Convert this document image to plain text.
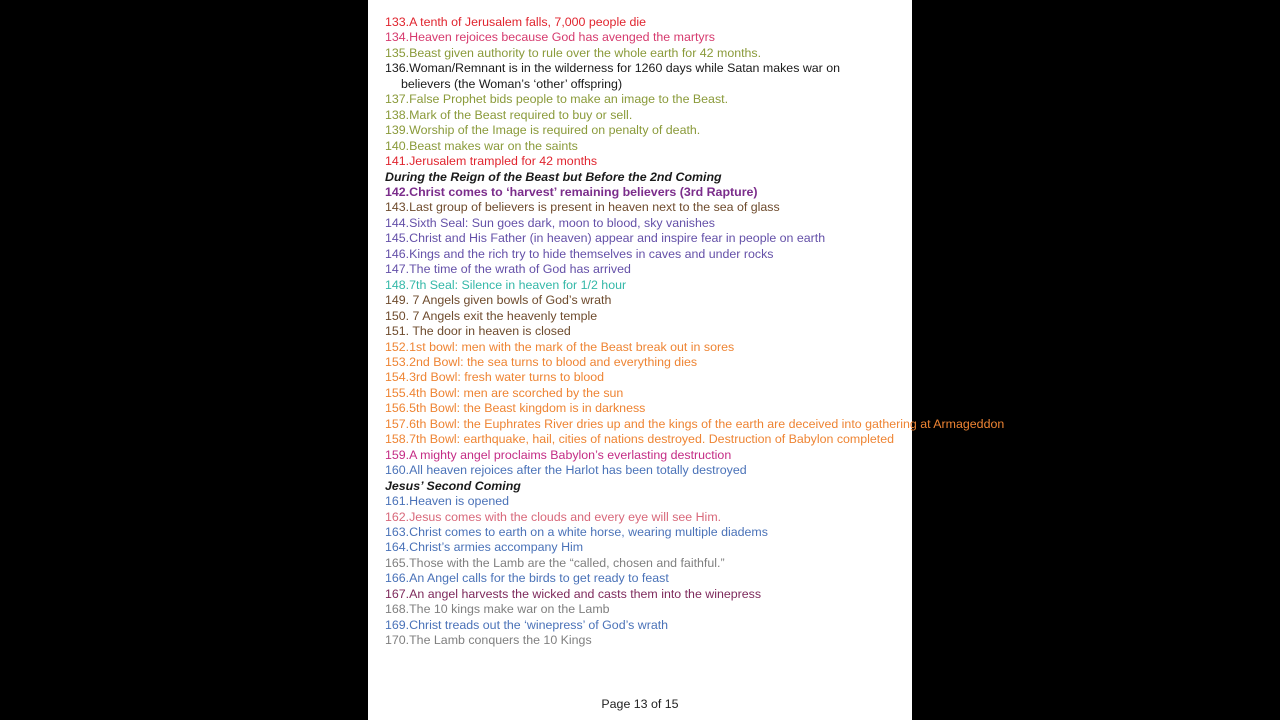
133.A tenth of Jerusalem falls, 7,000 people die
134.Heaven rejoices because God has avenged the martyrs
135.Beast given authority to rule over the whole earth for 42 months.
136.Woman/Remnant is in the wilderness for 1260 days while Satan makes war on believers (the Woman’s ‘other’ offspring)
137.False Prophet bids people to make an image to the Beast.
138.Mark of the Beast required to buy or sell.
139.Worship of the Image is required on penalty of death.
140.Beast makes war on the saints
141.Jerusalem trampled for 42 months
During the Reign of the Beast but Before the 2nd Coming
142.Christ comes to ‘harvest’ remaining believers (3rd Rapture)
143.Last group of believers is present in heaven next to the sea of glass
144.Sixth Seal: Sun goes dark, moon to blood, sky vanishes
145.Christ and His Father (in heaven) appear and inspire fear in people on earth
146.Kings and the rich try to hide themselves in caves and under rocks
147.The time of the wrath of God has arrived
148.7th Seal: Silence in heaven for 1/2 hour
149. 7 Angels given bowls of God’s wrath
150. 7 Angels exit the heavenly temple
151. The door in heaven is closed
152.1st bowl: men with the mark of the Beast break out in sores
153.2nd Bowl: the sea turns to blood and everything dies
154.3rd Bowl: fresh water turns to blood
155.4th Bowl: men are scorched by the sun
156.5th Bowl: the Beast kingdom is in darkness
157.6th Bowl: the Euphrates River dries up and the kings of the earth are deceived into gathering at Armageddon
158.7th Bowl: earthquake, hail, cities of nations destroyed. Destruction of Babylon completed
159.A mighty angel proclaims Babylon’s everlasting destruction
160.All heaven rejoices after the Harlot has been totally destroyed
Jesus’ Second Coming
161.Heaven is opened
162.Jesus comes with the clouds and every eye will see Him.
163.Christ comes to earth on a white horse, wearing multiple diadems
164.Christ’s armies accompany Him
165.Those with the Lamb are the “called, chosen and faithful.”
166.An Angel calls for the birds to get ready to feast
167.An angel harvests the wicked and casts them into the winepress
168.The 10 kings make war on the Lamb
169.Christ treads out the ‘winepress’ of God’s wrath
170.The Lamb conquers the 10 Kings
Page 13 of 15
